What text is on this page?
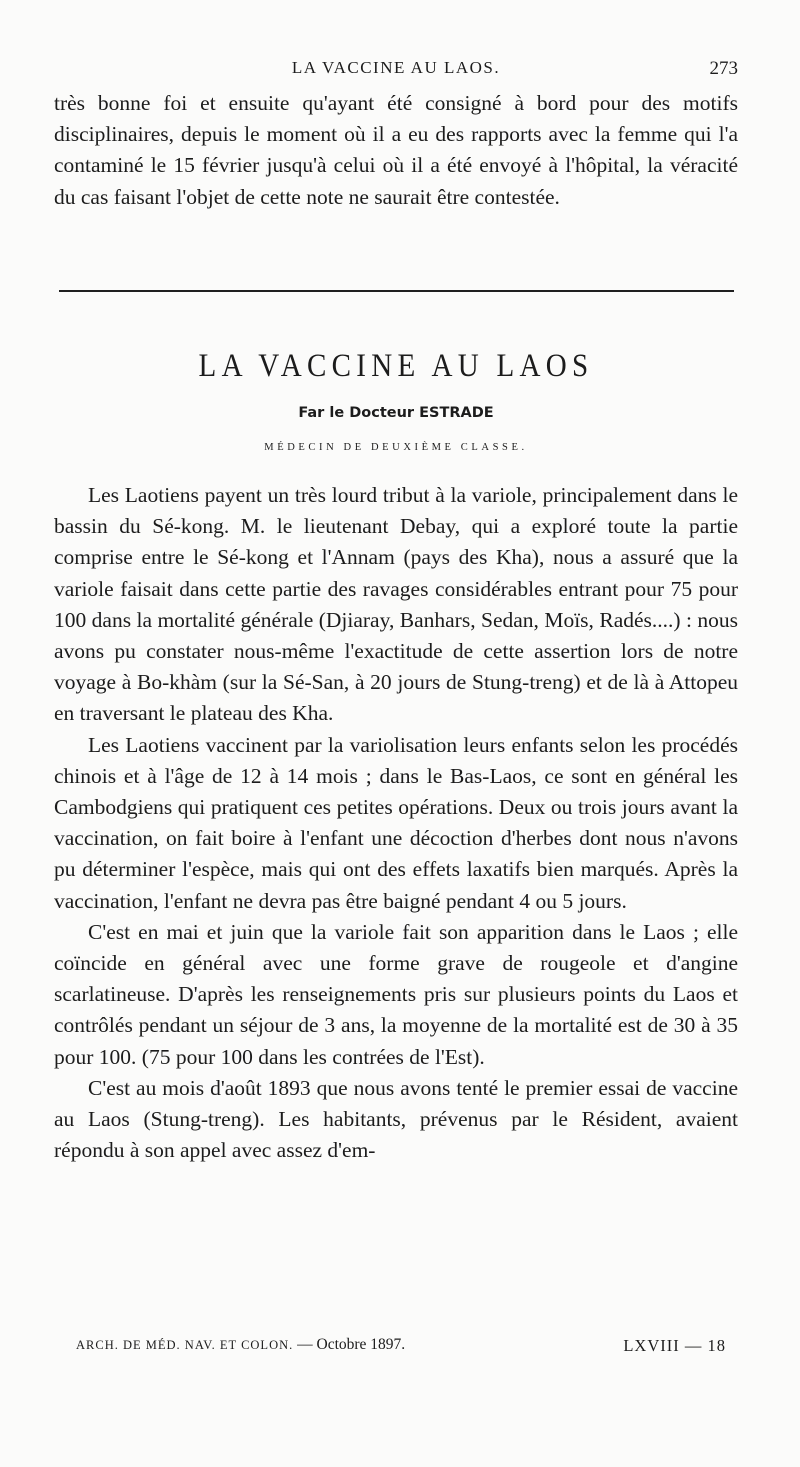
LA VACCINE AU LAOS.	273

très bonne foi et ensuite qu'ayant été consigné à bord pour des motifs disciplinaires, depuis le moment où il a eu des rapports avec la femme qui l'a contaminé le 15 février jusqu'à celui où il a été envoyé à l'hôpital, la véracité du cas faisant l'objet de cette note ne saurait être contestée.

LA VACCINE AU LAOS
Far le Docteur ESTRADE
MÉDECIN DE DEUXIÈME CLASSE.

Les Laotiens payent un très lourd tribut à la variole, principalement dans le bassin du Sé-kong. M. le lieutenant Debay, qui a exploré toute la partie comprise entre le Sé-kong et l'Annam (pays des Kha), nous a assuré que la variole faisait dans cette partie des ravages considérables entrant pour 75 pour 100 dans la mortalité générale (Djiaray, Banhars, Sedan, Moïs, Radés....) : nous avons pu constater nous-même l'exactitude de cette assertion lors de notre voyage à Bo-khàm (sur la Sé-San, à 20 jours de Stung-treng) et de là à Attopeu en traversant le plateau des Kha.

Les Laotiens vaccinent par la variolisation leurs enfants selon les procédés chinois et à l'âge de 12 à 14 mois ; dans le Bas-Laos, ce sont en général les Cambodgiens qui pratiquent ces petites opérations. Deux ou trois jours avant la vaccination, on fait boire à l'enfant une décoction d'herbes dont nous n'avons pu déterminer l'espèce, mais qui ont des effets laxatifs bien marqués. Après la vaccination, l'enfant ne devra pas être baigné pendant 4 ou 5 jours.

C'est en mai et juin que la variole fait son apparition dans le Laos ; elle coïncide en général avec une forme grave de rougeole et d'angine scarlatineuse. D'après les renseignements pris sur plusieurs points du Laos et contrôlés pendant un séjour de 3 ans, la moyenne de la mortalité est de 30 à 35 pour 100. (75 pour 100 dans les contrées de l'Est).

C'est au mois d'août 1893 que nous avons tenté le premier essai de vaccine au Laos (Stung-treng). Les habitants, prévenus par le Résident, avaient répondu à son appel avec assez d'em-

ARCH. DE MÉD. NAV. ET COLON. — Octobre 1897.	LXVIII — 18
